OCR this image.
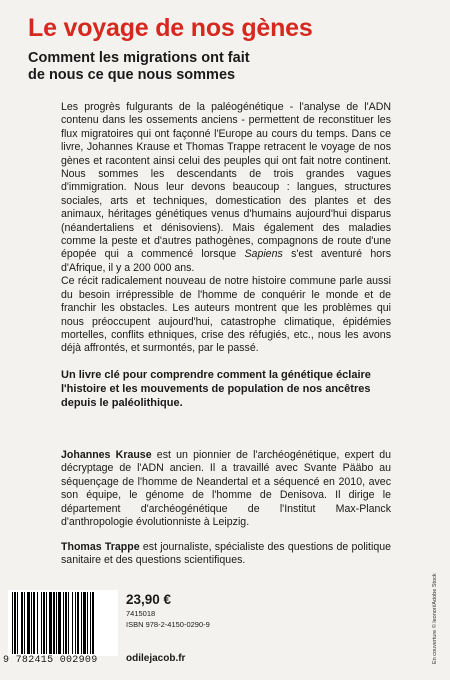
Le voyage de nos gènes
Comment les migrations ont fait
de nous ce que nous sommes

Les progrès fulgurants de la paléogénétique - l'analyse de l'ADN contenu dans les ossements anciens - permettent de reconstituer les flux migratoires qui ont façonné l'Europe au cours du temps. Dans ce livre, Johannes Krause et Thomas Trappe retracent le voyage de nos gènes et racontent ainsi celui des peuples qui ont fait notre continent. Nous sommes les descendants de trois grandes vagues d'immigration. Nous leur devons beaucoup : langues, structures sociales, arts et techniques, domestication des plantes et des animaux, héritages génétiques venus d'humains aujourd'hui disparus (néandertaliens et dénisoviens). Mais également des maladies comme la peste et d'autres pathogènes, compagnons de route d'une épopée qui a commencé lorsque Sapiens s'est aventuré hors d'Afrique, il y a 200 000 ans.

Ce récit radicalement nouveau de notre histoire commune parle aussi du besoin irrépressible de l'homme de conquérir le monde et de franchir les obstacles. Les auteurs montrent que les problèmes qui nous préoccupent aujourd'hui, catastrophe climatique, épidémies mortelles, conflits ethniques, crise des réfugiés, etc., nous les avons déjà affrontés, et surmontés, par le passé.

Un livre clé pour comprendre comment la génétique éclaire l'histoire et les mouvements de population de nos ancêtres depuis le paléolithique.
Johannes Krause est un pionnier de l'archéogénétique, expert du décryptage de l'ADN ancien. Il a travaillé avec Svante Pääbo au séquençage de l'homme de Neandertal et a séquencé en 2010, avec son équipe, le génome de l'homme de Denisova. Il dirige le département d'archéogénétique de l'Institut Max-Planck d'anthropologie évolutionniste à Leipzig.
Thomas Trappe est journaliste, spécialiste des questions de politique sanitaire et des questions scientifiques.
9 782415 002909

23,90 €

7415018

ISBN 978-2-4150-0290-9

odilejacob.fr	En couverture © leonori/Adobe Stock
